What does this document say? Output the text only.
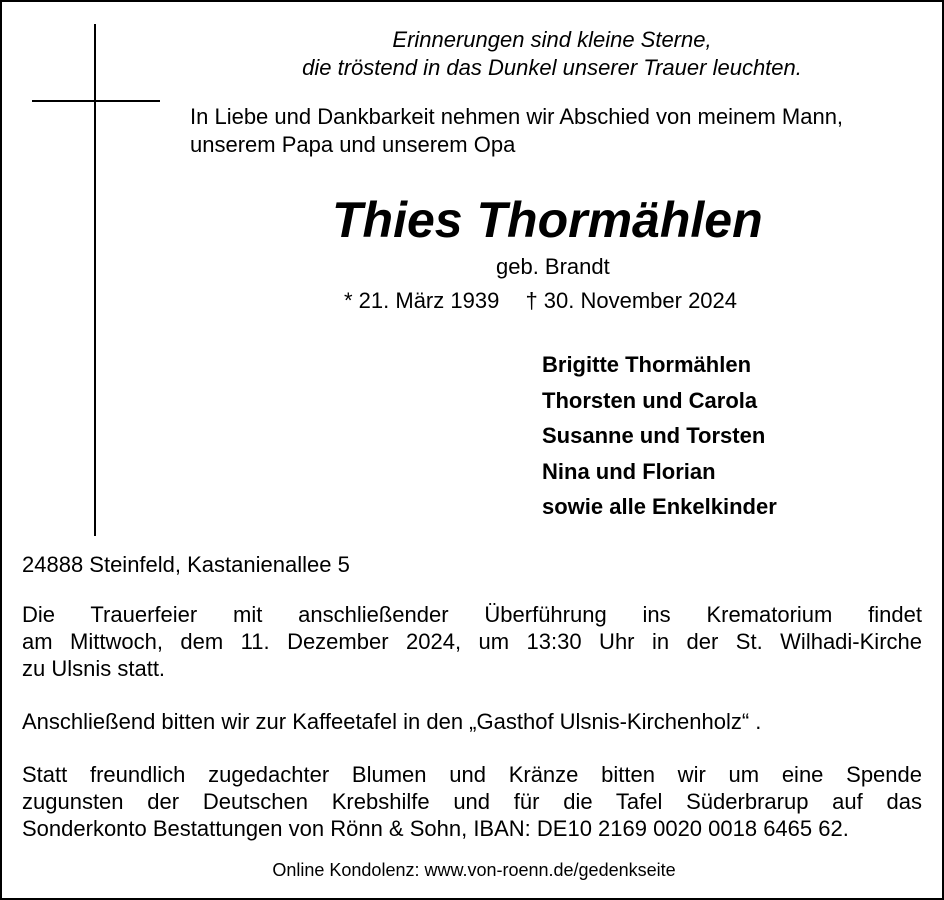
Erinnerungen sind kleine Sterne,
die tröstend in das Dunkel unserer Trauer leuchten.
In Liebe und Dankbarkeit nehmen wir Abschied von meinem Mann,
unserem Papa und unserem Opa
Thies Thormählen
geb. Brandt
* 21. März 1939 † 30. November 2024
Brigitte Thormählen
Thorsten und Carola
Susanne und Torsten
Nina und Florian
sowie alle Enkelkinder
24888 Steinfeld, Kastanienallee 5
Die Trauerfeier mit anschließender Überführung ins Krematorium findet
am Mittwoch, dem 11. Dezember 2024, um 13:30 Uhr in der St. Wilhadi-Kirche
zu Ulsnis statt.
Anschließend bitten wir zur Kaffeetafel in den „Gasthof Ulsnis-Kirchenholz“ .
Statt freundlich zugedachter Blumen und Kränze bitten wir um eine Spende
zugunsten der Deutschen Krebshilfe und für die Tafel Süderbrarup auf das
Sonderkonto Bestattungen von Rönn & Sohn, IBAN: DE10 2169 0020 0018 6465 62.
Online Kondolenz: www.von-roenn.de/gedenkseite
